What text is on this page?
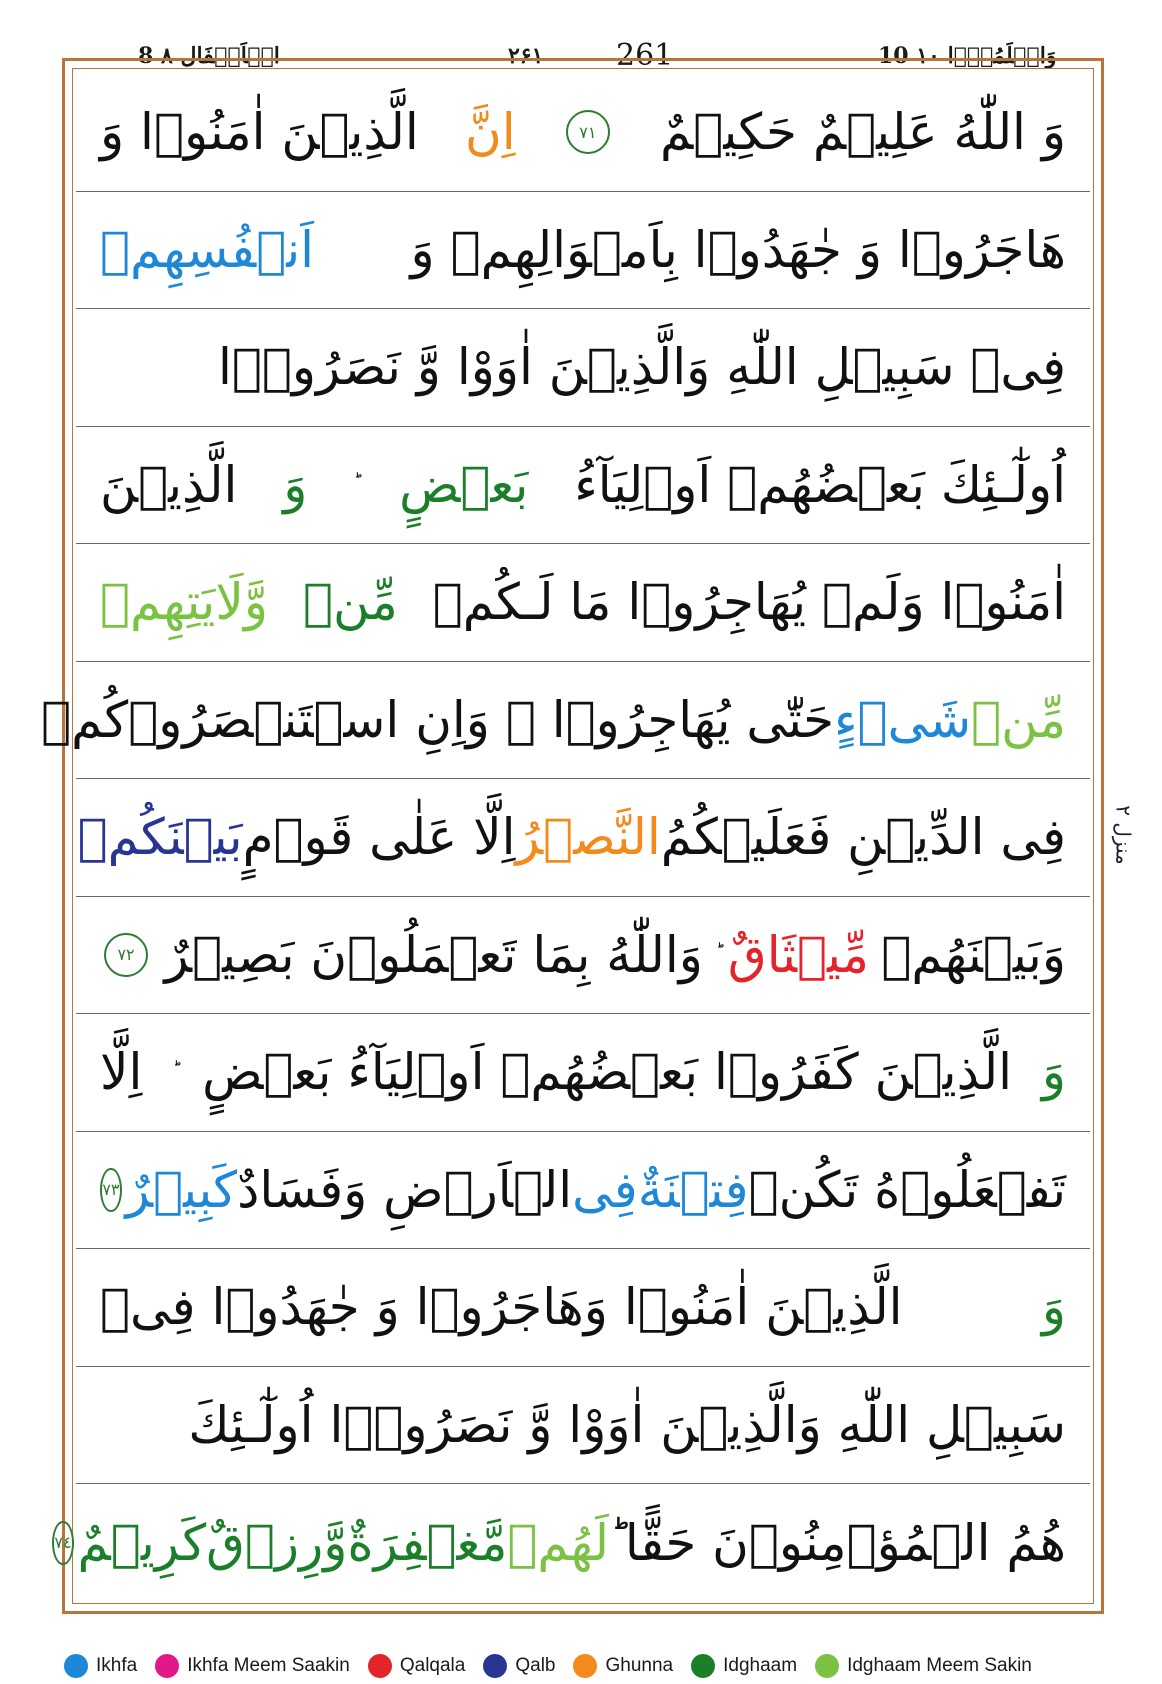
الۡاَنۡفَال ۸ 8	۲۶۱ 261	10 وَاعۡلَمُوۡٓا ۱۰
وَ اللّٰهُ عَلِيۡمٌ حَكِيۡمٌ
٧١
اِنَّ
الَّذِيۡنَ اٰمَنُوۡا وَ
هَاجَرُوۡا وَ جٰهَدُوۡا بِاَمۡوَالِهِمۡ وَ
اَنۡفُسِهِمۡ
فِىۡ سَبِيۡلِ اللّٰهِ وَالَّذِيۡنَ اٰوَوْا وَّ نَصَرُوۡۤا
اُولٰٓـئِكَ بَعۡضُهُمۡ اَوۡلِيَآءُ
بَعۡضٍ
وَ
الَّذِيۡنَ
اٰمَنُوۡا وَلَمۡ يُهَاجِرُوۡا مَا لَـكُمۡ
مِّنۡ
وَّلَايَتِهِمۡ
مِّنۡ
شَىۡءٍ
حَتّٰى يُهَاجِرُوۡا ۚ وَاِنِ اسۡتَنۡصَرُوۡكُمۡ
فِى الدِّيۡنِ فَعَلَيۡكُمُ
النَّصۡرُ
اِلَّا عَلٰى قَوۡمٍ
بَيۡنَكُمۡ
وَبَيۡنَهُمۡ
مِّيۡثَاقٌ
وَاللّٰهُ بِمَا تَعۡمَلُوۡنَ بَصِيۡرٌ
٧٢
وَ
الَّذِيۡنَ كَفَرُوۡا بَعۡضُهُمۡ اَوۡلِيَآءُ بَعۡضٍ
اِلَّا
تَفۡعَلُوۡهُ تَكُنۡ
فِتۡنَةٌ
فِى
الۡاَرۡضِ وَفَسَادٌ
كَبِيۡرٌ
٧٣
وَ
الَّذِيۡنَ اٰمَنُوۡا وَهَاجَرُوۡا وَ جٰهَدُوۡا فِىۡ
سَبِيۡلِ اللّٰهِ وَالَّذِيۡنَ اٰوَوْا وَّ نَصَرُوۡۤا اُولٰٓـئِكَ
هُمُ الۡمُؤۡمِنُوۡنَ حَقًّا ؕ
لَهُمۡ
مَّغۡفِرَةٌ
وَّرِزۡقٌ
كَرِيۡمٌ
٧٤
منزل ۲
Ikhfa	Ikhfa Meem Saakin	Qalqala	Qalb	Ghunna	Idghaam	Idghaam Meem Sakin
